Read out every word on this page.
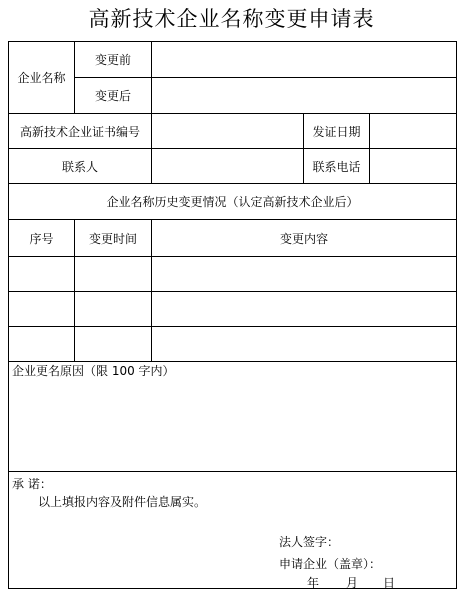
高新技术企业名称变更申请表
企业名称	变更前			
	变更后			
高新技术企业证书编号			发证日期	
联系人			联系电话	
企业名称历史变更情况（认定高新技术企业后）				
序号	变更时间	变更内容		

企业更名原因（限 100 字内）				

承 诺：
以上填报内容及附件信息属实。
法人签字：
申请企业（盖章）：
年 月 日				
